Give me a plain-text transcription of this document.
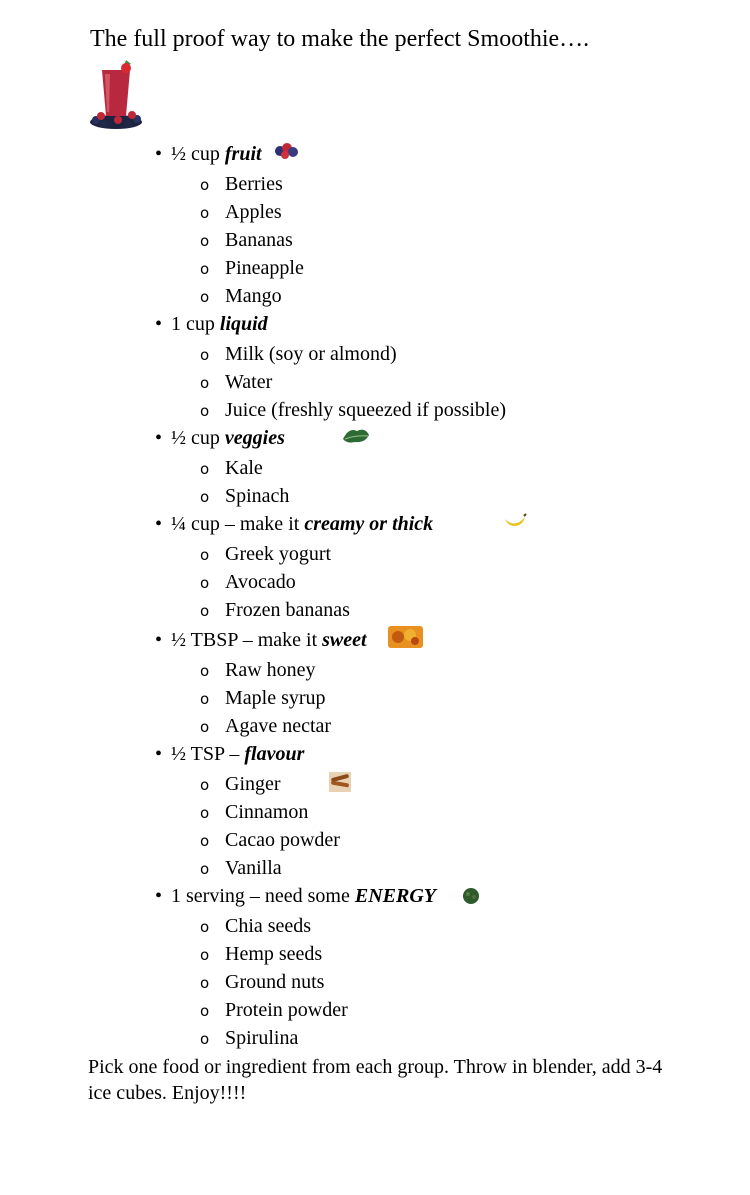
The full proof way to make the perfect Smoothie….
• ½ cup fruit
o Berries
o Apples
o Bananas
o Pineapple
o Mango
• 1 cup liquid
o Milk (soy or almond)
o Water
o Juice (freshly squeezed if possible)
• ½ cup veggies
o Kale
o Spinach
• ¼ cup – make it creamy or thick
o Greek yogurt
o Avocado
o Frozen bananas
• ½ TBSP – make it sweet
o Raw honey
o Maple syrup
o Agave nectar
• ½ TSP – flavour
o Ginger
o Cinnamon
o Cacao powder
o Vanilla
• 1 serving – need some ENERGY
o Chia seeds
o Hemp seeds
o Ground nuts
o Protein powder
o Spirulina
Pick one food or ingredient from each group. Throw in blender, add 3-4 ice cubes. Enjoy!!!!
